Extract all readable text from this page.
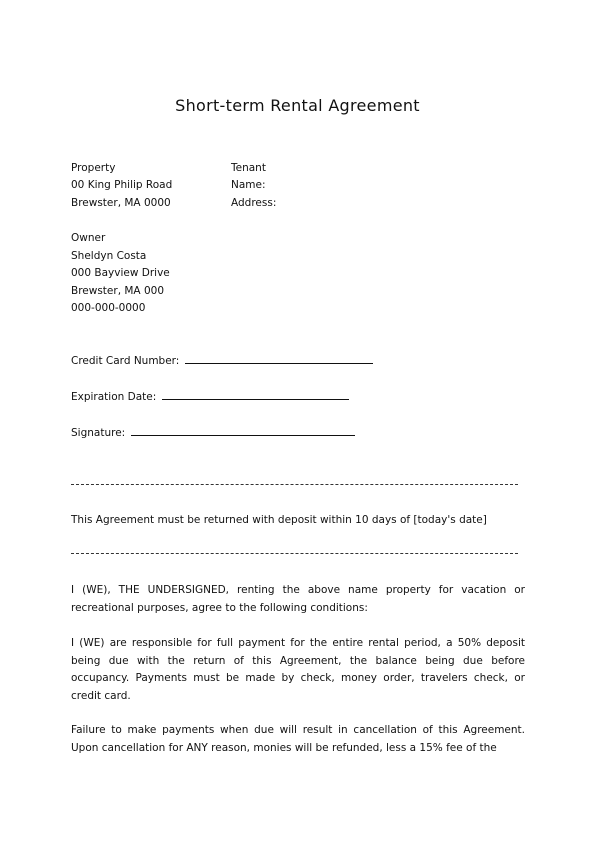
Short-term Rental Agreement
Property
00 King Philip Road
Brewster, MA 0000
Tenant
Name:
Address:
Owner
Sheldyn Costa
000 Bayview Drive
Brewster, MA 000
000-000-0000
Credit Card Number:
Expiration Date:
Signature:
This Agreement must be returned with deposit within 10 days of [today's date]

I (WE), THE UNDERSIGNED, renting the above name property for vacation or recreational purposes, agree to the following conditions:

I (WE) are responsible for full payment for the entire rental period, a 50% deposit being due with the return of this Agreement, the balance being due before occupancy. Payments must be made by check, money order, travelers check, or credit card.

Failure to make payments when due will result in cancellation of this Agreement. Upon cancellation for ANY reason, monies will be refunded, less a 15% fee of the
